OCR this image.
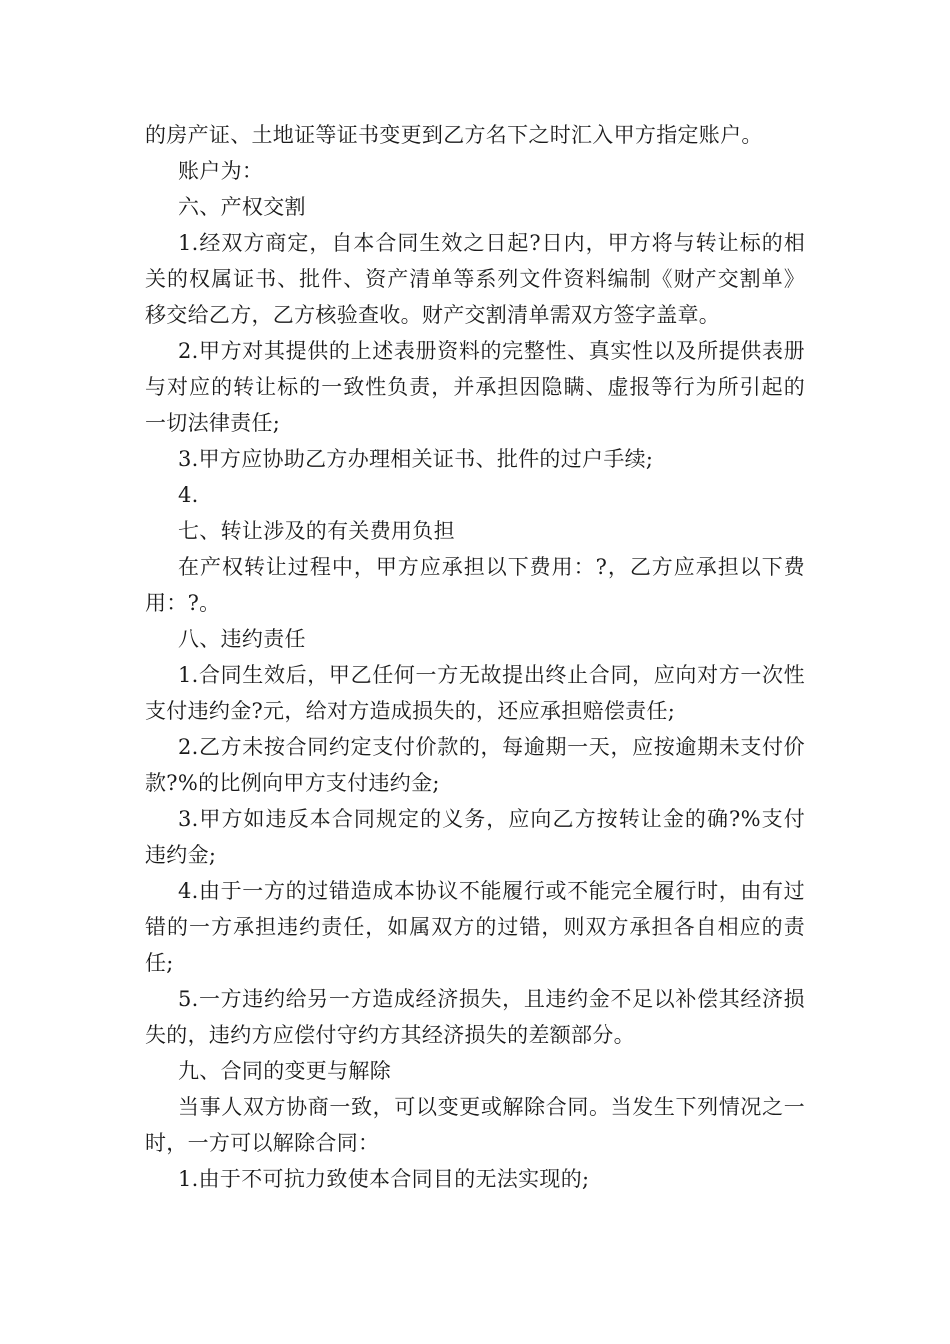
的房产证、土地证等证书变更到乙方名下之时汇入甲方指定账户。

账户为：

六、产权交割

1.经双方商定，自本合同生效之日起?日内，甲方将与转让标的相关的权属证书、批件、资产清单等系列文件资料编制《财产交割单》移交给乙方，乙方核验查收。财产交割清单需双方签字盖章。

2.甲方对其提供的上述表册资料的完整性、真实性以及所提供表册与对应的转让标的一致性负责，并承担因隐瞒、虚报等行为所引起的一切法律责任;

3.甲方应协助乙方办理相关证书、批件的过户手续;

4.

七、转让涉及的有关费用负担

在产权转让过程中，甲方应承担以下费用：?，乙方应承担以下费用：?。

八、违约责任

1.合同生效后，甲乙任何一方无故提出终止合同，应向对方一次性支付违约金?元，给对方造成损失的，还应承担赔偿责任;

2.乙方未按合同约定支付价款的，每逾期一天，应按逾期未支付价款?%的比例向甲方支付违约金;

3.甲方如违反本合同规定的义务，应向乙方按转让金的确?%支付违约金;

4.由于一方的过错造成本协议不能履行或不能完全履行时，由有过错的一方承担违约责任，如属双方的过错，则双方承担各自相应的责任;

5.一方违约给另一方造成经济损失，且违约金不足以补偿其经济损失的，违约方应偿付守约方其经济损失的差额部分。

九、合同的变更与解除

当事人双方协商一致，可以变更或解除合同。当发生下列情况之一时，一方可以解除合同：

1.由于不可抗力致使本合同目的无法实现的;
